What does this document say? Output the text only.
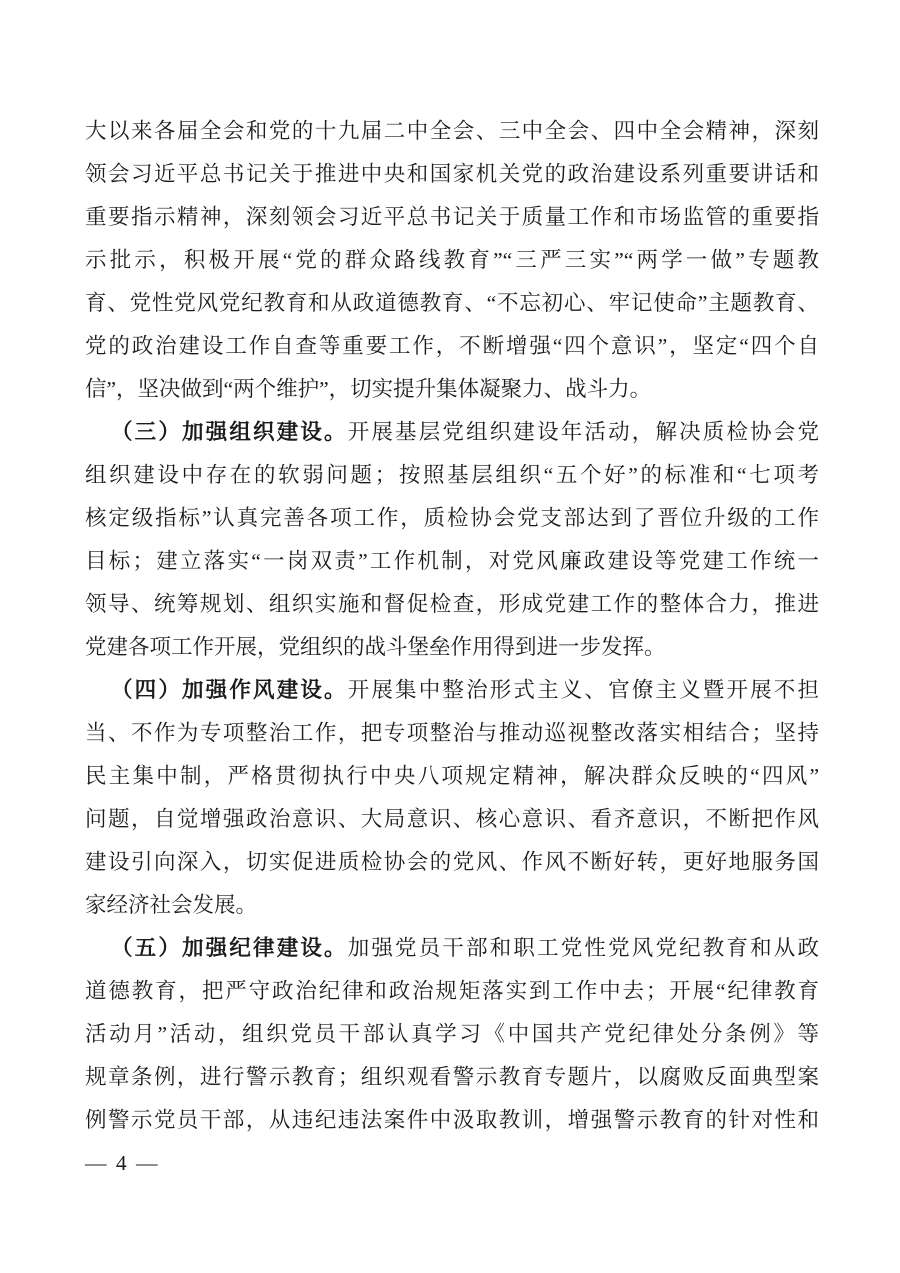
大以来各届全会和党的十九届二中全会、三中全会、四中全会精神，深刻
领会习近平总书记关于推进中央和国家机关党的政治建设系列重要讲话和
重要指示精神，深刻领会习近平总书记关于质量工作和市场监管的重要指
示批示，积极开展“党的群众路线教育”“三严三实”“两学一做”专题教
育、党性党风党纪教育和从政道德教育、“不忘初心、牢记使命”主题教育、
党的政治建设工作自查等重要工作，不断增强“四个意识”，坚定“四个自
信”，坚决做到“两个维护”，切实提升集体凝聚力、战斗力。
（三）加强组织建设。开展基层党组织建设年活动，解决质检协会党
组织建设中存在的软弱问题；按照基层组织“五个好”的标准和“七项考
核定级指标”认真完善各项工作，质检协会党支部达到了晋位升级的工作
目标；建立落实“一岗双责”工作机制，对党风廉政建设等党建工作统一
领导、统筹规划、组织实施和督促检查，形成党建工作的整体合力，推进
党建各项工作开展，党组织的战斗堡垒作用得到进一步发挥。
（四）加强作风建设。开展集中整治形式主义、官僚主义暨开展不担
当、不作为专项整治工作，把专项整治与推动巡视整改落实相结合；坚持
民主集中制，严格贯彻执行中央八项规定精神，解决群众反映的“四风”
问题，自觉增强政治意识、大局意识、核心意识、看齐意识，不断把作风
建设引向深入，切实促进质检协会的党风、作风不断好转，更好地服务国
家经济社会发展。
（五）加强纪律建设。加强党员干部和职工党性党风党纪教育和从政
道德教育，把严守政治纪律和政治规矩落实到工作中去；开展“纪律教育
活动月”活动，组织党员干部认真学习《中国共产党纪律处分条例》等
规章条例，进行警示教育；组织观看警示教育专题片，以腐败反面典型案
例警示党员干部，从违纪违法案件中汲取教训，增强警示教育的针对性和
— 4 —
